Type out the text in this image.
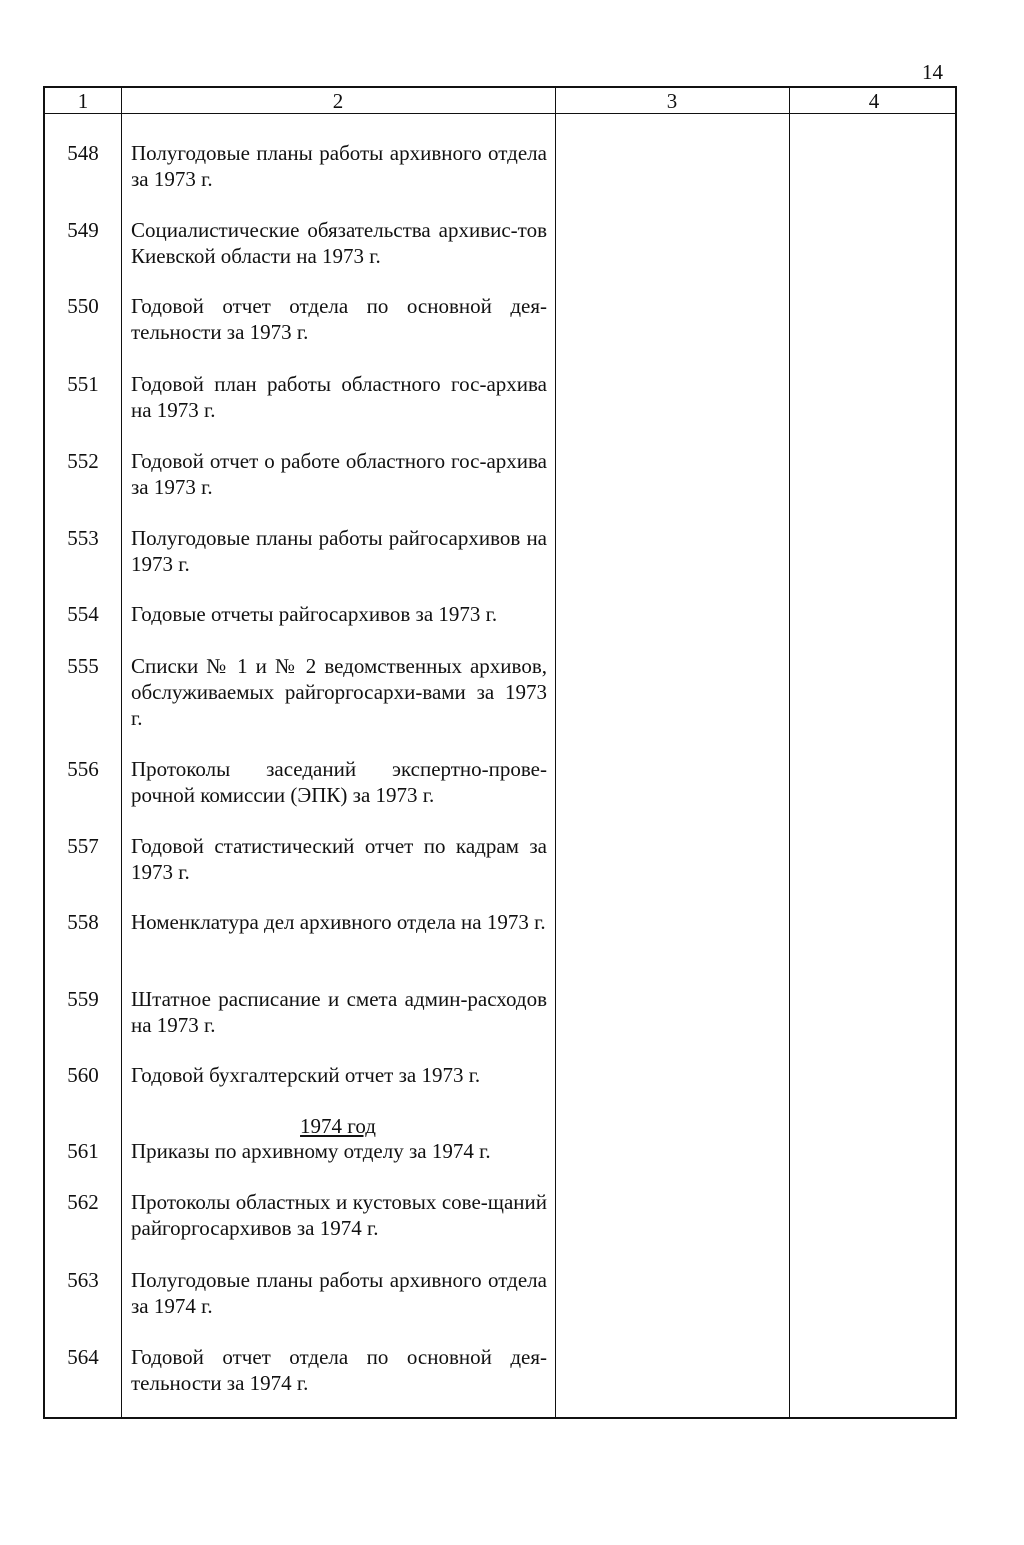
14
1	2	3	4
548	Полугодовые планы работы архивного отдела за 1973 г.
549	Социалистические обязательства архивис-тов Киевской области на 1973 г.
550	Годовой отчет отдела по основной дея-тельности за 1973 г.
551	Годовой план работы областного гос-архива на 1973 г.
552	Годовой отчет о работе областного гос-архива за 1973 г.
553	Полугодовые планы работы райгосархивов на 1973 г.
554	Годовые отчеты райгосархивов за 1973 г.
555	Списки № 1 и № 2 ведомственных архивов, обслуживаемых райгоргосархи-вами за 1973 г.
556	Протоколы заседаний экспертно-прове-рочной комиссии (ЭПК) за 1973 г.
557	Годовой статистический отчет по кадрам за 1973 г.
558	Номенклатура дел архивного отдела на 1973 г.
559	Штатное расписание и смета админ-расходов на 1973 г.
560	Годовой бухгалтерский отчет за 1973 г.
1974 год
561	Приказы по архивному отделу за 1974 г.
562	Протоколы областных и кустовых сове-щаний райгоргосархивов за 1974 г.
563	Полугодовые планы работы архивного отдела за 1974 г.
564	Годовой отчет отдела по основной дея-тельности за 1974 г.
